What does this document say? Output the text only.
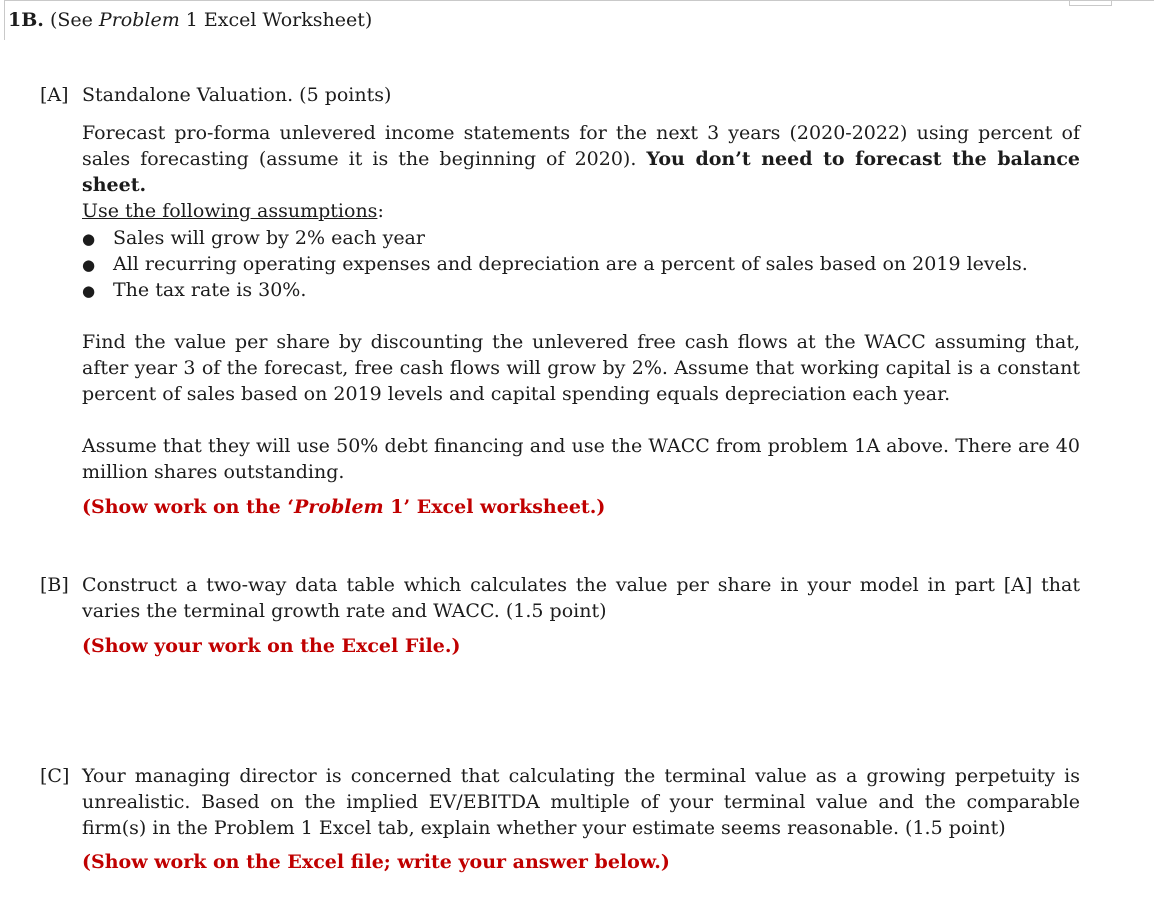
1B. (See Problem 1 Excel Worksheet)
[A] Standalone Valuation. (5 points)

Forecast pro-forma unlevered income statements for the next 3 years (2020-2022) using percent of sales forecasting (assume it is the beginning of 2020). You don’t need to forecast the balance sheet.

Use the following assumptions:
● Sales will grow by 2% each year
● All recurring operating expenses and depreciation are a percent of sales based on 2019 levels.
● The tax rate is 30%.

Find the value per share by discounting the unlevered free cash flows at the WACC assuming that, after year 3 of the forecast, free cash flows will grow by 2%. Assume that working capital is a constant percent of sales based on 2019 levels and capital spending equals depreciation each year.

Assume that they will use 50% debt financing and use the WACC from problem 1A above. There are 40 million shares outstanding.

(Show work on the ‘Problem 1’ Excel worksheet.)
[B] Construct a two-way data table which calculates the value per share in your model in part [A] that varies the terminal growth rate and WACC. (1.5 point)

(Show your work on the Excel File.)
[C] Your managing director is concerned that calculating the terminal value as a growing perpetuity is unrealistic. Based on the implied EV/EBITDA multiple of your terminal value and the comparable firm(s) in the Problem 1 Excel tab, explain whether your estimate seems reasonable. (1.5 point)

(Show work on the Excel file; write your answer below.)
